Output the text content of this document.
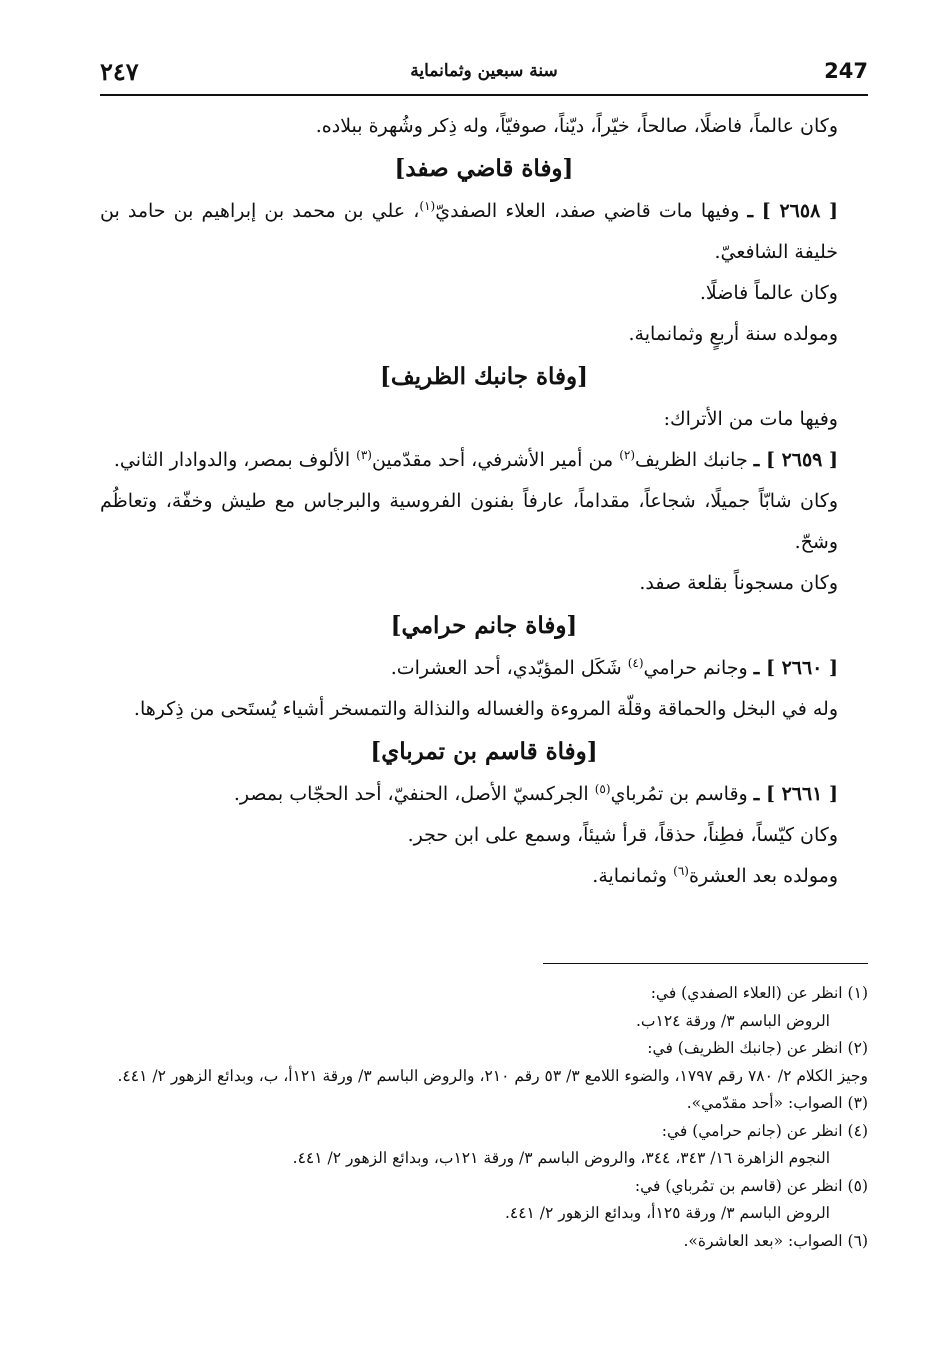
247
سنة سبعين وثمانماية
٢٤٧

وكان عالماً، فاضلًا، صالحاً، خيّراً، ديّناً، صوفيّاً، وله ذِكر وشُهرة ببلاده.

[وفاة قاضي صفد]

[ ٢٦٥٨ ] ـ وفيها مات قاضي صفد، العلاء الصفديّ$^{(١)}$، علي بن محمد بن إبراهيم بن حامد بن خليفة الشافعيّ.

وكان عالماً فاضلًا.

ومولده سنة أربعٍ وثمانماية.

[وفاة جانبك الظريف]

وفيها مات من الأتراك:

[ ٢٦٥٩ ] ـ جانبك الظريف$^{(٢)}$ من أمير الأشرفي، أحد مقدّمين$^{(٣)}$ الألوف بمصر، والدوادار الثاني.

وكان شابّاً جميلًا، شجاعاً، مقداماً، عارفاً بفنون الفروسية والبرجاس مع طيش وخفّة، وتعاظُم وشحّ.

وكان مسجوناً بقلعة صفد.

[وفاة جانم حرامي]

[ ٢٦٦٠ ] ـ وجانم حرامي$^{(٤)}$ شَكَل المؤيّدي، أحد العشرات.

وله في البخل والحماقة وقلّة المروءة والغساله والنذالة والتمسخر أشياء يُستَحى من ذِكرها.

[وفاة قاسم بن تمرباي]

[ ٢٦٦١ ] ـ وقاسم بن تمُرباي$^{(٥)}$ الجركسيّ الأصل، الحنفيّ، أحد الحجّاب بمصر.

وكان كيّساً، فطِناً، حذقاً، قرأ شيئاً، وسمع على ابن حجر.

ومولده بعد العشرة$^{(٦)}$ وثمانماية.

(١) انظر عن (العلاء الصفدي) في:

الروض الباسم ٣/ ورقة ١٢٤ب.

(٢) انظر عن (جانبك الظريف) في:

وجيز الكلام ٢/ ٧٨٠ رقم ١٧٩٧، والضوء اللامع ٣/ ٥٣ رقم ٢١٠، والروض الباسم ٣/ ورقة ١٢١أ، ب، وبدائع الزهور ٢/ ٤٤١.

(٣) الصواب: «أحد مقدّمي».

(٤) انظر عن (جانم حرامي) في:

النجوم الزاهرة ١٦/ ٣٤٣، ٣٤٤، والروض الباسم ٣/ ورقة ١٢١ب، وبدائع الزهور ٢/ ٤٤١.

(٥) انظر عن (قاسم بن تمُرباي) في:

الروض الباسم ٣/ ورقة ١٢٥أ، وبدائع الزهور ٢/ ٤٤١.

(٦) الصواب: «بعد العاشرة».
